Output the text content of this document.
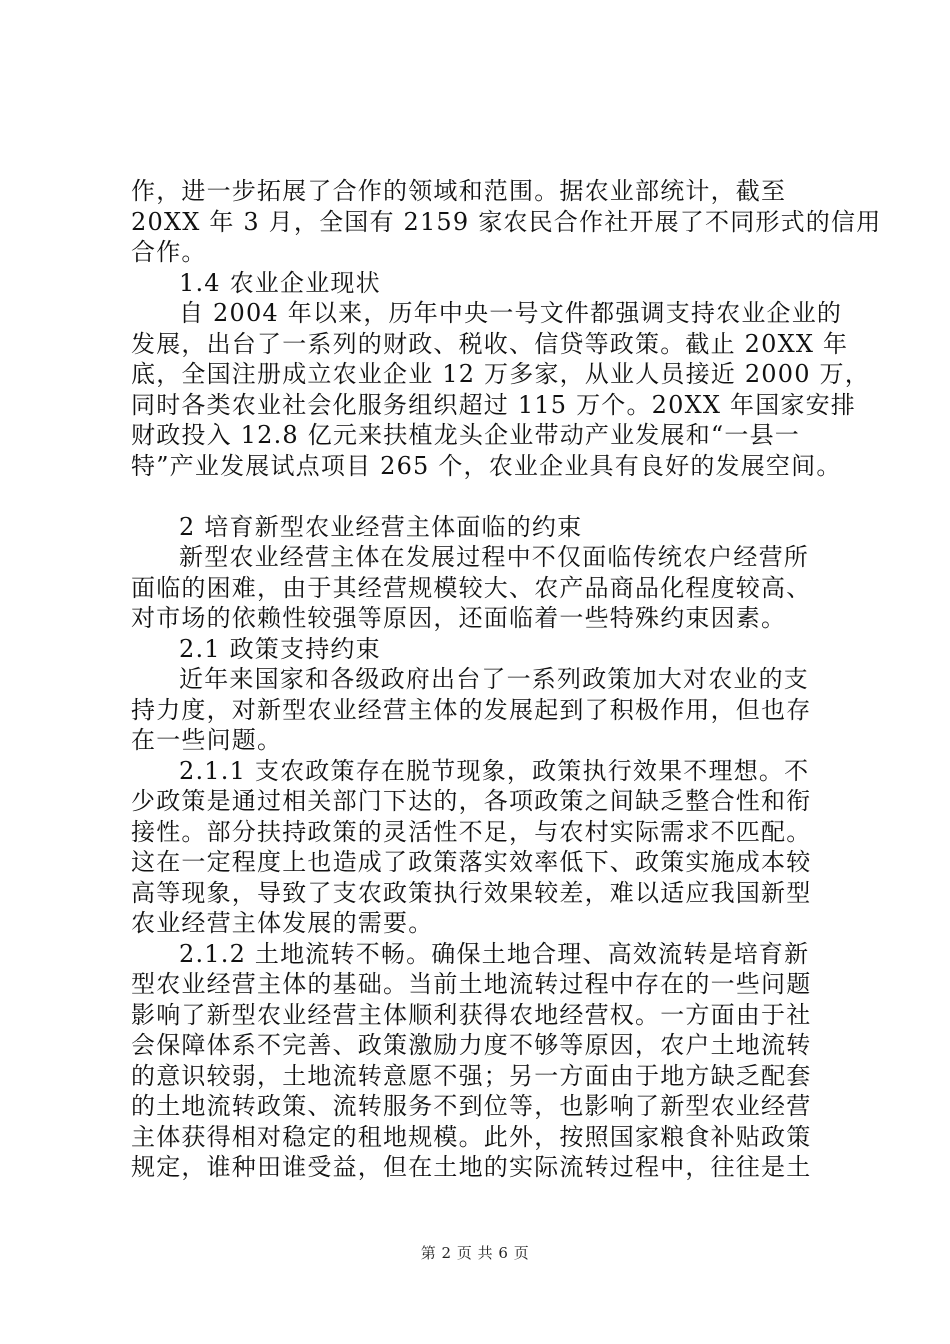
作，进一步拓展了合作的领域和范围。据农业部统计，截至
20XX 年 3 月，全国有 2159 家农民合作社开展了不同形式的信用
合作。
1.4 农业企业现状
自 2004 年以来，历年中央一号文件都强调支持农业企业的
发展，出台了一系列的财政、税收、信贷等政策。截止 20XX 年
底，全国注册成立农业企业 12 万多家，从业人员接近 2000 万，
同时各类农业社会化服务组织超过 115 万个。20XX 年国家安排
财政投入 12.8 亿元来扶植龙头企业带动产业发展和“一县一
特”产业发展试点项目 265 个，农业企业具有良好的发展空间。
2 培育新型农业经营主体面临的约束
新型农业经营主体在发展过程中不仅面临传统农户经营所
面临的困难，由于其经营规模较大、农产品商品化程度较高、
对市场的依赖性较强等原因，还面临着一些特殊约束因素。
2.1 政策支持约束
近年来国家和各级政府出台了一系列政策加大对农业的支
持力度，对新型农业经营主体的发展起到了积极作用，但也存
在一些问题。
2.1.1 支农政策存在脱节现象，政策执行效果不理想。不
少政策是通过相关部门下达的，各项政策之间缺乏整合性和衔
接性。部分扶持政策的灵活性不足，与农村实际需求不匹配。
这在一定程度上也造成了政策落实效率低下、政策实施成本较
高等现象，导致了支农政策执行效果较差，难以适应我国新型
农业经营主体发展的需要。
2.1.2 土地流转不畅。确保土地合理、高效流转是培育新
型农业经营主体的基础。当前土地流转过程中存在的一些问题
影响了新型农业经营主体顺利获得农地经营权。一方面由于社
会保障体系不完善、政策激励力度不够等原因，农户土地流转
的意识较弱，土地流转意愿不强；另一方面由于地方缺乏配套
的土地流转政策、流转服务不到位等，也影响了新型农业经营
主体获得相对稳定的租地规模。此外，按照国家粮食补贴政策
规定，谁种田谁受益，但在土地的实际流转过程中，往往是土
第 2 页 共 6 页
